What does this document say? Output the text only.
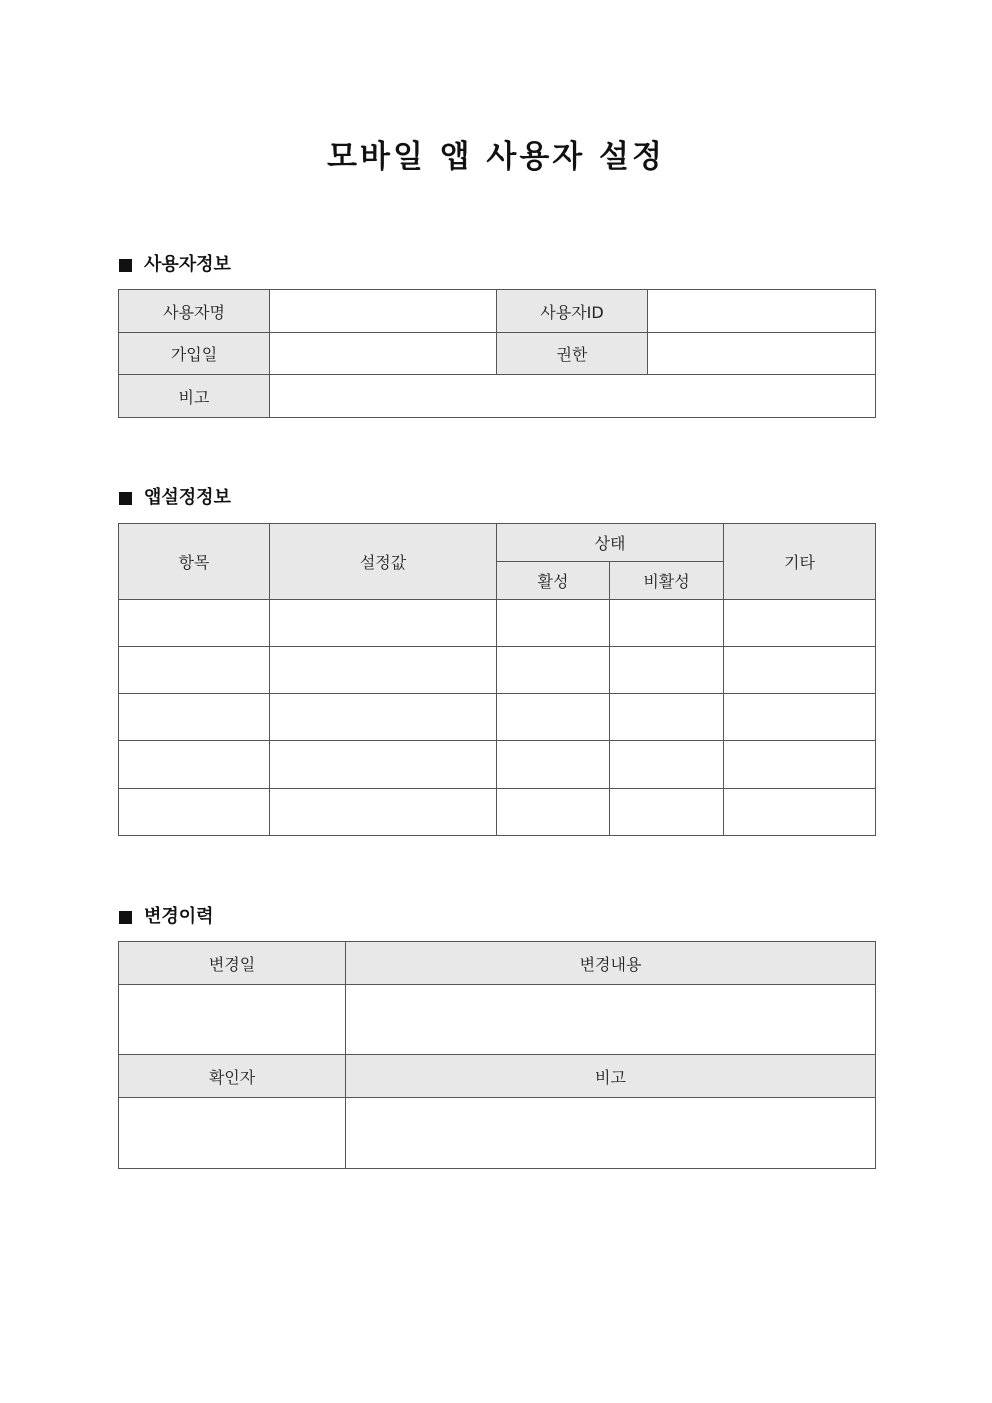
모바일 앱 사용자 설정
사용자정보
사용자명		사용자ID	
가입일		권한	
비고			
앱설정정보
항목	설정값	상태		기타
		활성	비활성	

변경이력
변경일	변경내용

확인자	비고
